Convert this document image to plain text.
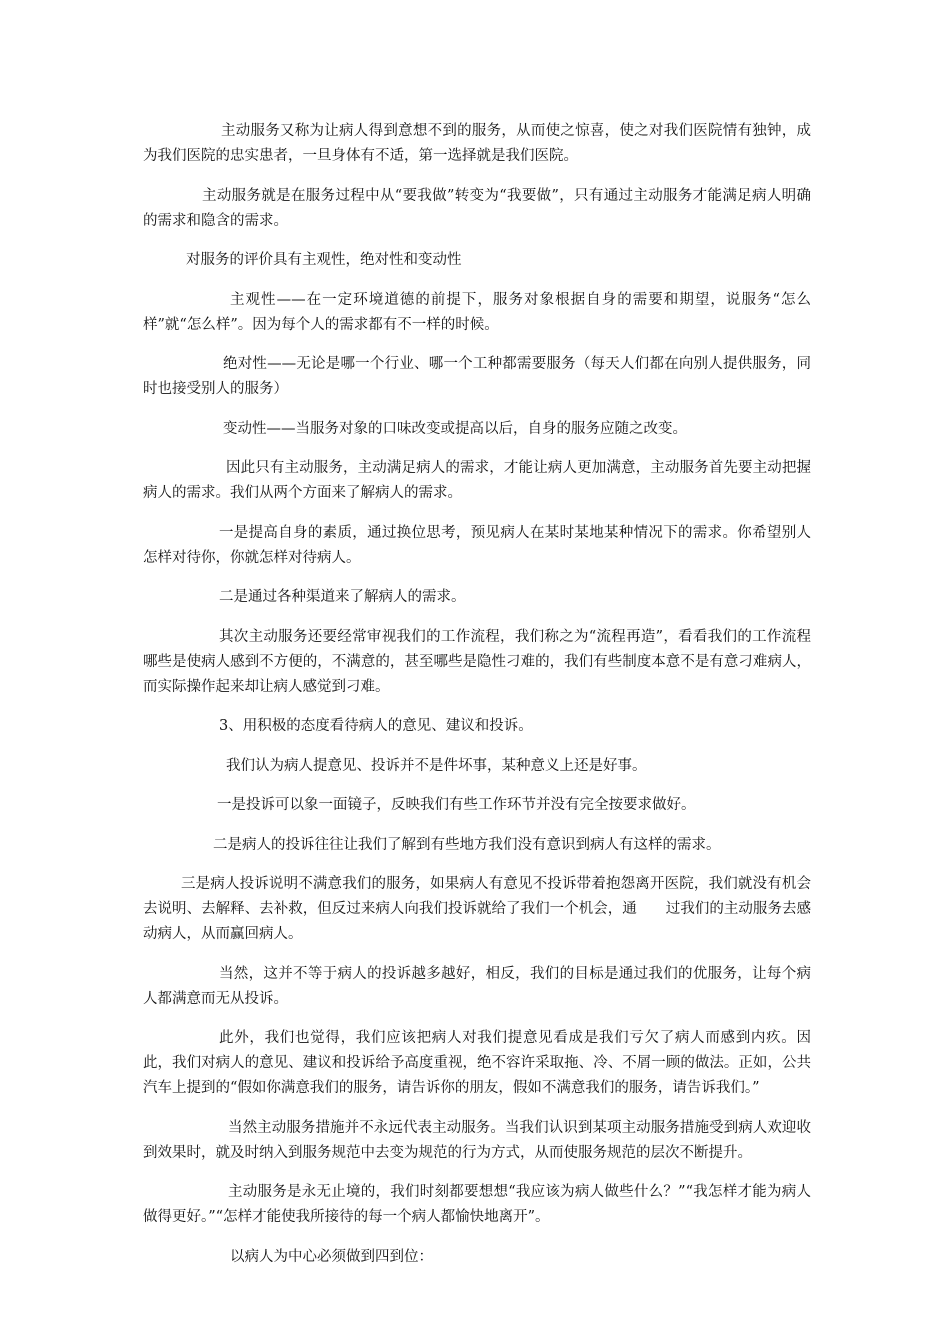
主动服务又称为让病人得到意想不到的服务，从而使之惊喜，使之对我们医院情有独钟，成为我们医院的忠实患者，一旦身体有不适，第一选择就是我们医院。

主动服务就是在服务过程中从“要我做”转变为“我要做”，只有通过主动服务才能满足病人明确的需求和隐含的需求。

对服务的评价具有主观性，绝对性和变动性

主观性——在一定环境道德的前提下，服务对象根据自身的需要和期望，说服务“怎么样”就“怎么样”。因为每个人的需求都有不一样的时候。

绝对性——无论是哪一个行业、哪一个工种都需要服务（每天人们都在向别人提供服务，同时也接受别人的服务）

变动性——当服务对象的口味改变或提高以后，自身的服务应随之改变。

因此只有主动服务，主动满足病人的需求，才能让病人更加满意，主动服务首先要主动把握病人的需求。我们从两个方面来了解病人的需求。

一是提高自身的素质，通过换位思考，预见病人在某时某地某种情况下的需求。你希望别人怎样对待你，你就怎样对待病人。

二是通过各种渠道来了解病人的需求。

其次主动服务还要经常审视我们的工作流程，我们称之为“流程再造”，看看我们的工作流程哪些是使病人感到不方便的，不满意的，甚至哪些是隐性刁难的，我们有些制度本意不是有意刁难病人，而实际操作起来却让病人感觉到刁难。

3、用积极的态度看待病人的意见、建议和投诉。

我们认为病人提意见、投诉并不是件坏事，某种意义上还是好事。

一是投诉可以象一面镜子，反映我们有些工作环节并没有完全按要求做好。

二是病人的投诉往往让我们了解到有些地方我们没有意识到病人有这样的需求。

三是病人投诉说明不满意我们的服务，如果病人有意见不投诉带着抱怨离开医院，我们就没有机会去说明、去解释、去补救，但反过来病人向我们投诉就给了我们一个机会，通　　过我们的主动服务去感动病人，从而赢回病人。

当然，这并不等于病人的投诉越多越好，相反，我们的目标是通过我们的优服务，让每个病人都满意而无从投诉。

此外，我们也觉得，我们应该把病人对我们提意见看成是我们亏欠了病人而感到内疚。因此，我们对病人的意见、建议和投诉给予高度重视，绝不容许采取拖、冷、不屑一顾的做法。正如，公共汽车上提到的“假如你满意我们的服务，请告诉你的朋友，假如不满意我们的服务，请告诉我们。”

当然主动服务措施并不永远代表主动服务。当我们认识到某项主动服务措施受到病人欢迎收到效果时，就及时纳入到服务规范中去变为规范的行为方式，从而使服务规范的层次不断提升。

主动服务是永无止境的，我们时刻都要想想“我应该为病人做些什么？”“我怎样才能为病人做得更好。”“怎样才能使我所接待的每一个病人都愉快地离开”。

以病人为中心必须做到四到位：
